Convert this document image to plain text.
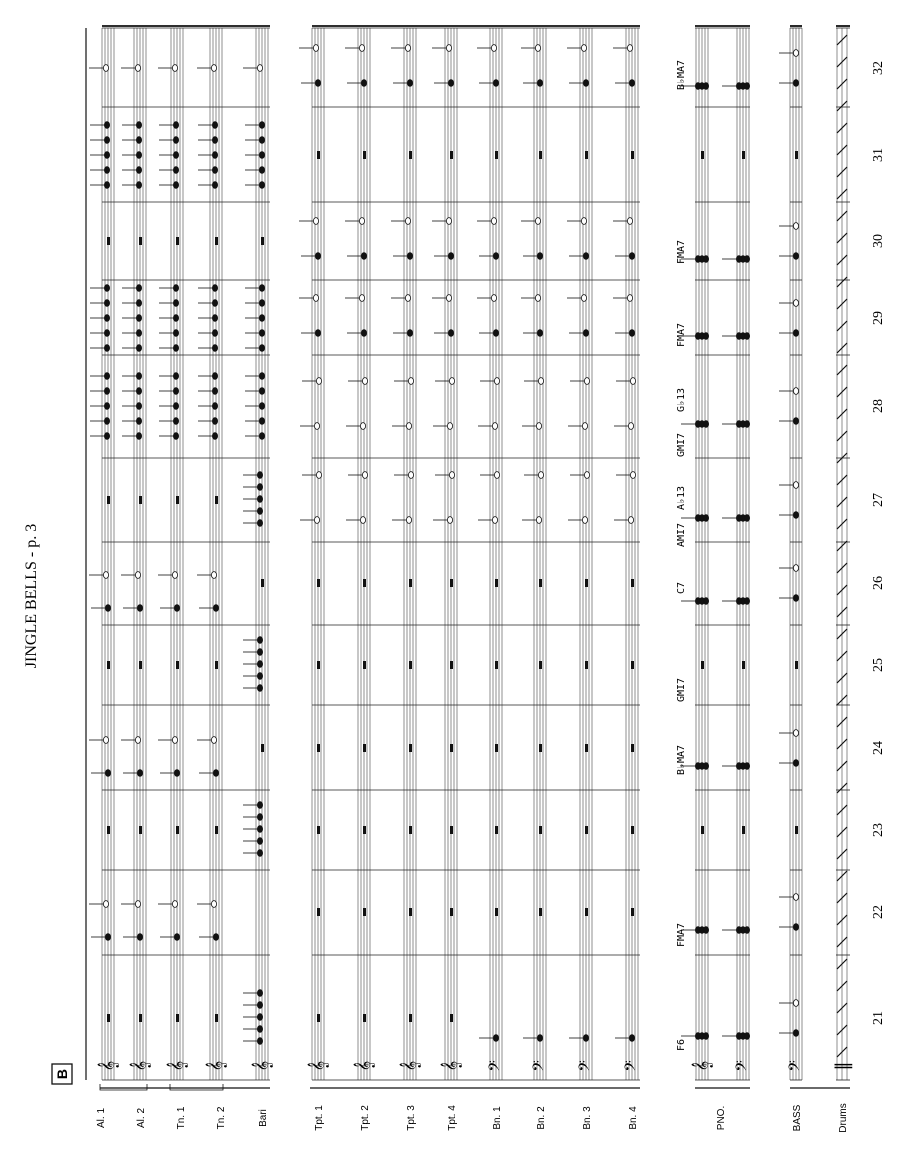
JINGLE BELLS - p. 3
B
Al. 1	Al. 2	Tn. 1	Tn. 2	Bari	Tpt. 1	Tpt. 2	Tpt. 3	Tpt. 4	Bn. 1	Bn. 2	Bn. 3	Bn. 4	PNO.	BASS	Drums
𝄞 𝄞 𝄞 𝄞 𝄞 𝄞 𝄞 𝄞 𝄞 𝄢 𝄢 𝄢 𝄢	𝄞 𝄢 𝄢 ‖
21
22
23
24
25
26
27
28
29
30
31
32
F6
FMA7
B♭MA7
GMI7
C7
AMI7
A♭13
GMI7
G♭13
FMA7
FMA7
B♭MA7
